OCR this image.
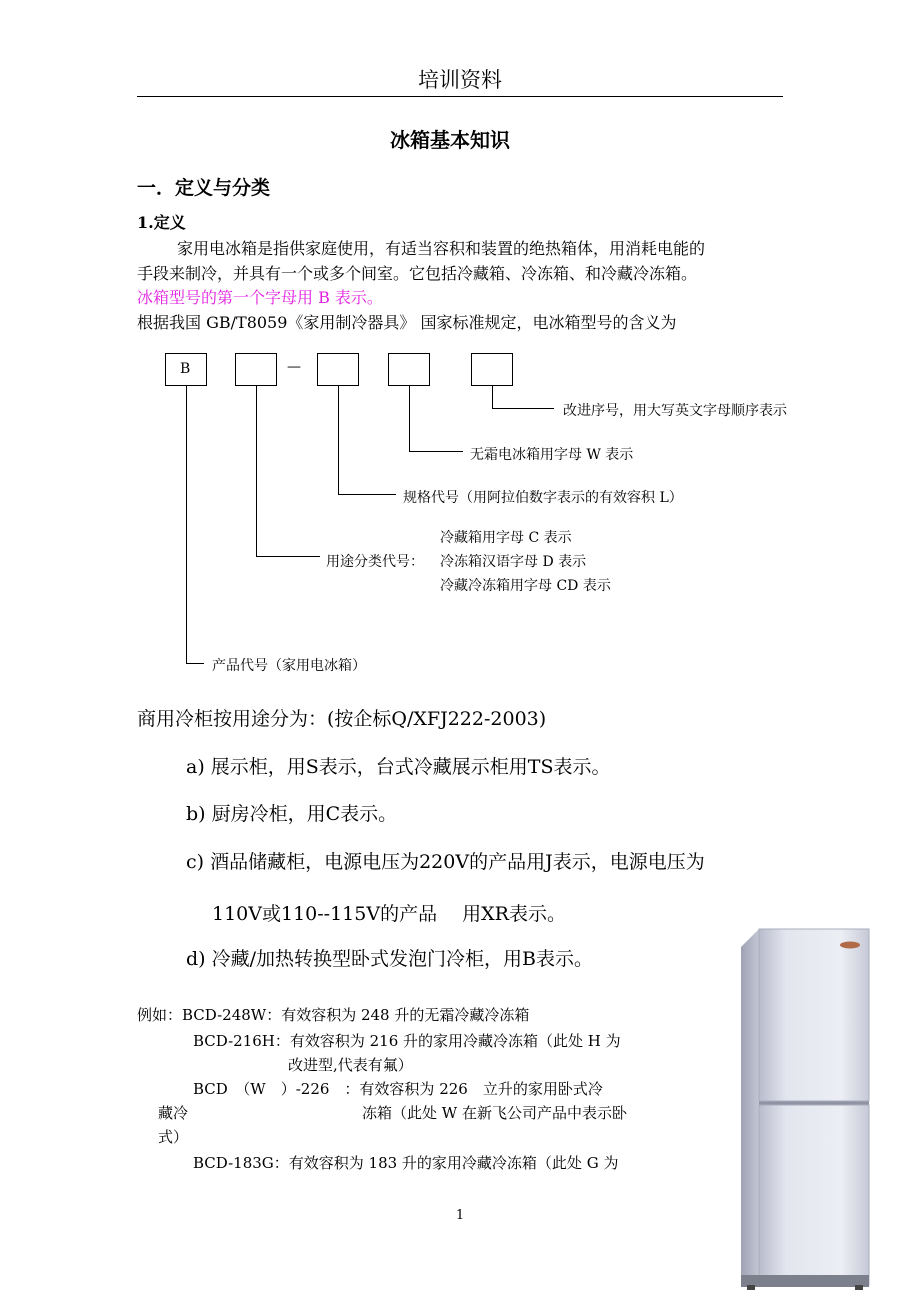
培训资料
冰箱基本知识
一．定义与分类
1.定义
家用电冰箱是指供家庭使用，有适当容积和装置的绝热箱体，用消耗电能的
手段来制冷，并具有一个或多个间室。它包括冷藏箱、冷冻箱、和冷藏冷冻箱。
冰箱型号的第一个字母用 B 表示。
根据我国 GB/T8059《家用制冷器具》 国家标准规定，电冰箱型号的含义为
B	—
改进序号，用大写英文字母顺序表示
无霜电冰箱用字母 W 表示
规格代号（用阿拉伯数字表示的有效容积 L）
用途分类代号：
冷藏箱用字母 C 表示
冷冻箱汉语字母 D 表示
冷藏冷冻箱用字母 CD 表示
产品代号（家用电冰箱）
商用冷柜按用途分为：(按企标Q/XFJ222-2003)
a) 展示柜，用S表示，台式冷藏展示柜用TS表示。
b) 厨房冷柜，用C表示。
c) 酒品储藏柜，电源电压为220V的产品用J表示，电源电压为
110V或110--115V的产品　 用XR表示。
d) 冷藏/加热转换型卧式发泡门冷柜，用B表示。
例如：BCD-248W：有效容积为 248 升的无霜冷藏冷冻箱
BCD-216H：有效容积为 216 升的家用冷藏冷冻箱（此处 H 为
改进型,代表有氟）
BCD　（W　）-226　：有效容积为 226　立升的家用卧式冷
藏冷	冻箱（此处 W 在新飞公司产品中表示卧
式）
BCD-183G：有效容积为 183 升的家用冷藏冷冻箱（此处 G 为
1
